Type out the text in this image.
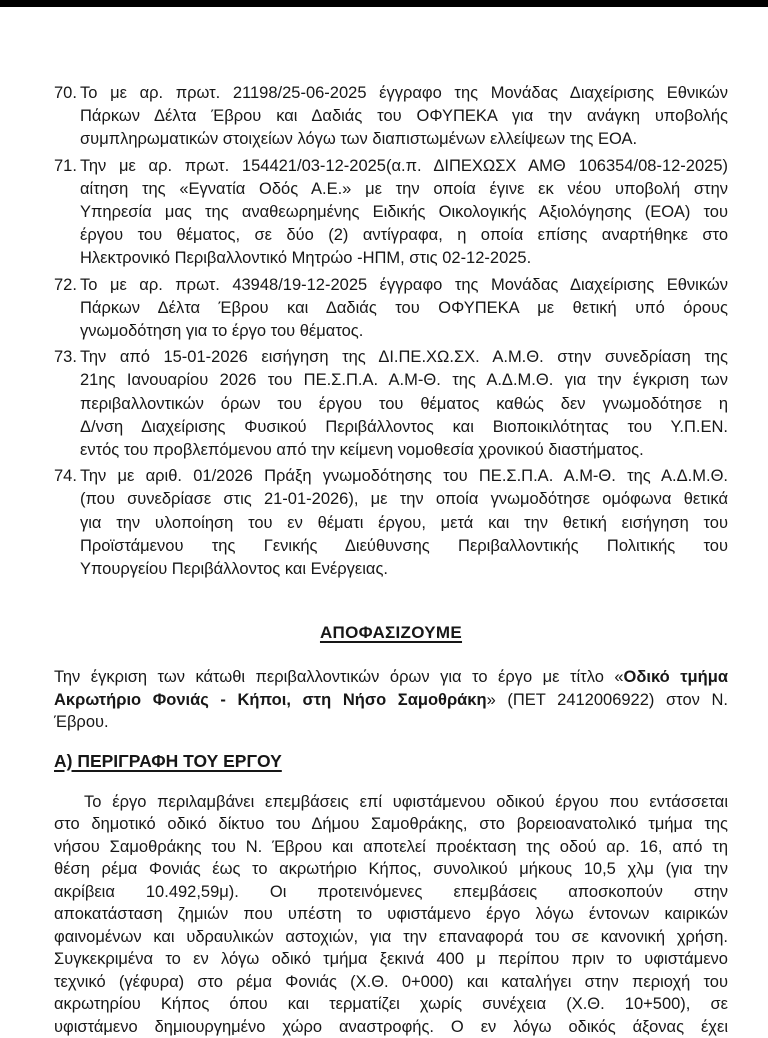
70. Το με αρ. πρωτ. 21198/25-06-2025 έγγραφο της Μονάδας Διαχείρισης Εθνικών
Πάρκων Δέλτα Έβρου και Δαδιάς του ΟΦΥΠΕΚΑ για την ανάγκη υποβολής
συμπληρωματικών στοιχείων λόγω των διαπιστωμένων ελλείψεων της ΕΟΑ.
71. Την με αρ. πρωτ. 154421/03-12-2025(α.π. ΔΙΠΕΧΩΣΧ ΑΜΘ 106354/08-12-2025)
αίτηση της «Εγνατία Οδός Α.Ε.» με την οποία έγινε εκ νέου υποβολή στην
Υπηρεσία μας της αναθεωρημένης Ειδικής Οικολογικής Αξιολόγησης (ΕΟΑ) του
έργου του θέματος, σε δύο (2) αντίγραφα, η οποία επίσης αναρτήθηκε στο
Ηλεκτρονικό Περιβαλλοντικό Μητρώο -ΗΠΜ, στις 02-12-2025.
72. Το με αρ. πρωτ. 43948/19-12-2025 έγγραφο της Μονάδας Διαχείρισης Εθνικών
Πάρκων Δέλτα Έβρου και Δαδιάς του ΟΦΥΠΕΚΑ με θετική υπό όρους
γνωμοδότηση για το έργο του θέματος.
73. Την από 15-01-2026 εισήγηση της ΔΙ.ΠΕ.ΧΩ.ΣΧ. Α.Μ.Θ. στην συνεδρίαση της
21ης Ιανουαρίου 2026 του ΠΕ.Σ.Π.Α. Α.Μ-Θ. της Α.Δ.Μ.Θ. για την έγκριση των
περιβαλλοντικών όρων του έργου του θέματος καθώς δεν γνωμοδότησε η
Δ/νση Διαχείρισης Φυσικού Περιβάλλοντος και Βιοποικιλότητας του Υ.Π.ΕΝ.
εντός του προβλεπόμενου από την κείμενη νομοθεσία χρονικού διαστήματος.
74. Την με αριθ. 01/2026 Πράξη γνωμοδότησης του ΠΕ.Σ.Π.Α. Α.Μ-Θ. της Α.Δ.Μ.Θ.
(που συνεδρίασε στις 21-01-2026), με την οποία γνωμοδότησε ομόφωνα θετικά
για την υλοποίηση του εν θέματι έργου, μετά και την θετική εισήγηση του
Προϊστάμενου της Γενικής Διεύθυνσης Περιβαλλοντικής Πολιτικής του
Υπουργείου Περιβάλλοντος και Ενέργειας.
ΑΠΟΦΑΣΙΖΟΥΜΕ
Την έγκριση των κάτωθι περιβαλλοντικών όρων για το έργο με τίτλο «Οδικό τμήμα
Ακρωτήριο Φονιάς - Κήποι, στη Νήσο Σαμοθράκη» (ΠΕΤ 2412006922) στον Ν.
Έβρου.
Α) ΠΕΡΙΓΡΑΦΗ ΤΟΥ ΕΡΓΟΥ
Το έργο περιλαμβάνει επεμβάσεις επί υφιστάμενου οδικού έργου που εντάσσεται
στο δημοτικό οδικό δίκτυο του Δήμου Σαμοθράκης, στο βορειοανατολικό τμήμα της
νήσου Σαμοθράκης του Ν. Έβρου και αποτελεί προέκταση της οδού αρ. 16, από τη
θέση ρέμα Φονιάς έως το ακρωτήριο Κήπος, συνολικού μήκους 10,5 χλμ (για την
ακρίβεια 10.492,59μ). Οι προτεινόμενες επεμβάσεις αποσκοπούν στην
αποκατάσταση ζημιών που υπέστη το υφιστάμενο έργο λόγω έντονων καιρικών
φαινομένων και υδραυλικών αστοχιών, για την επαναφορά του σε κανονική χρήση.
Συγκεκριμένα το εν λόγω οδικό τμήμα ξεκινά 400 μ περίπου πριν το υφιστάμενο
τεχνικό (γέφυρα) στο ρέμα Φονιάς (Χ.Θ. 0+000) και καταλήγει στην περιοχή του
ακρωτηρίου Κήπος όπου και τερματίζει χωρίς συνέχεια (Χ.Θ. 10+500), σε
υφιστάμενο δημιουργημένο χώρο αναστροφής. Ο εν λόγω οδικός άξονας έχει
